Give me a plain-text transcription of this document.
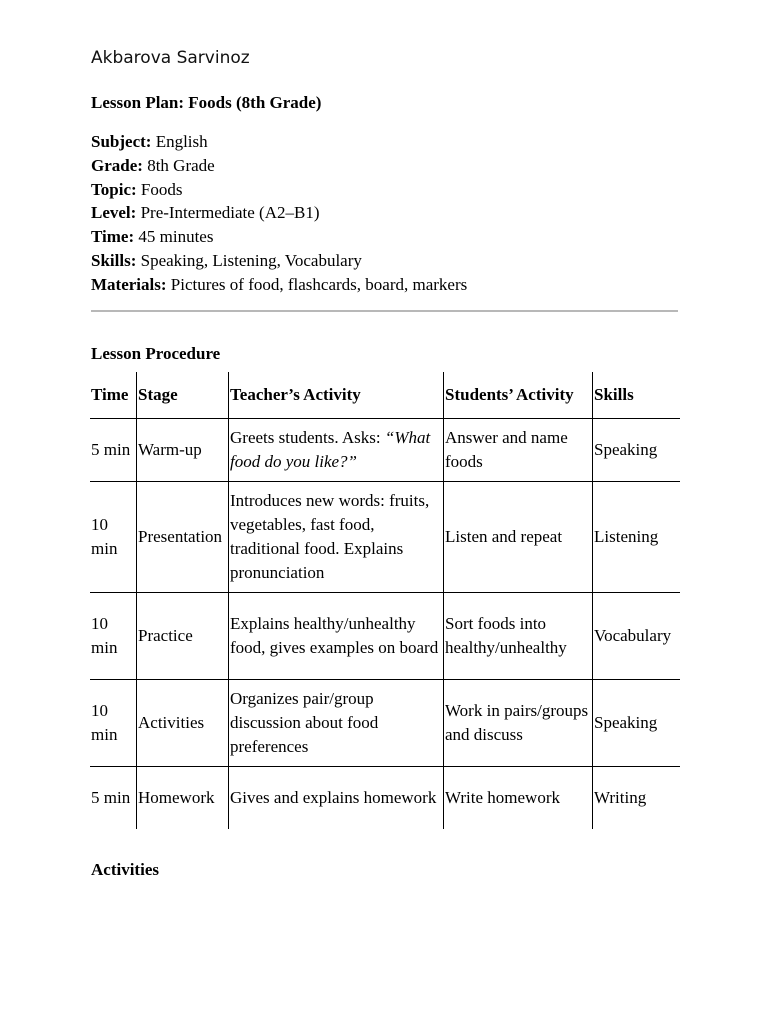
Akbarova Sarvinoz
Lesson Plan: Foods (8th Grade)
Subject: English
Grade: 8th Grade
Topic: Foods
Level: Pre-Intermediate (A2–B1)
Time: 45 minutes
Skills: Speaking, Listening, Vocabulary
Materials: Pictures of food, flashcards, board, markers
Lesson Procedure
Time	Stage	Teacher’s Activity	Students’ Activity	Skills
5 min	Warm-up	Greets students. Asks: “What food do you like?”	Answer and name foods	Speaking
10 min	Presentation	Introduces new words: fruits, vegetables, fast food, traditional food. Explains pronunciation	Listen and repeat	Listening
10 min	Practice	Explains healthy/unhealthy food, gives examples on board	Sort foods into healthy/unhealthy	Vocabulary
10 min	Activities	Organizes pair/group discussion about food preferences	Work in pairs/groups and discuss	Speaking
5 min	Homework	Gives and explains homework	Write homework	Writing
Activities
